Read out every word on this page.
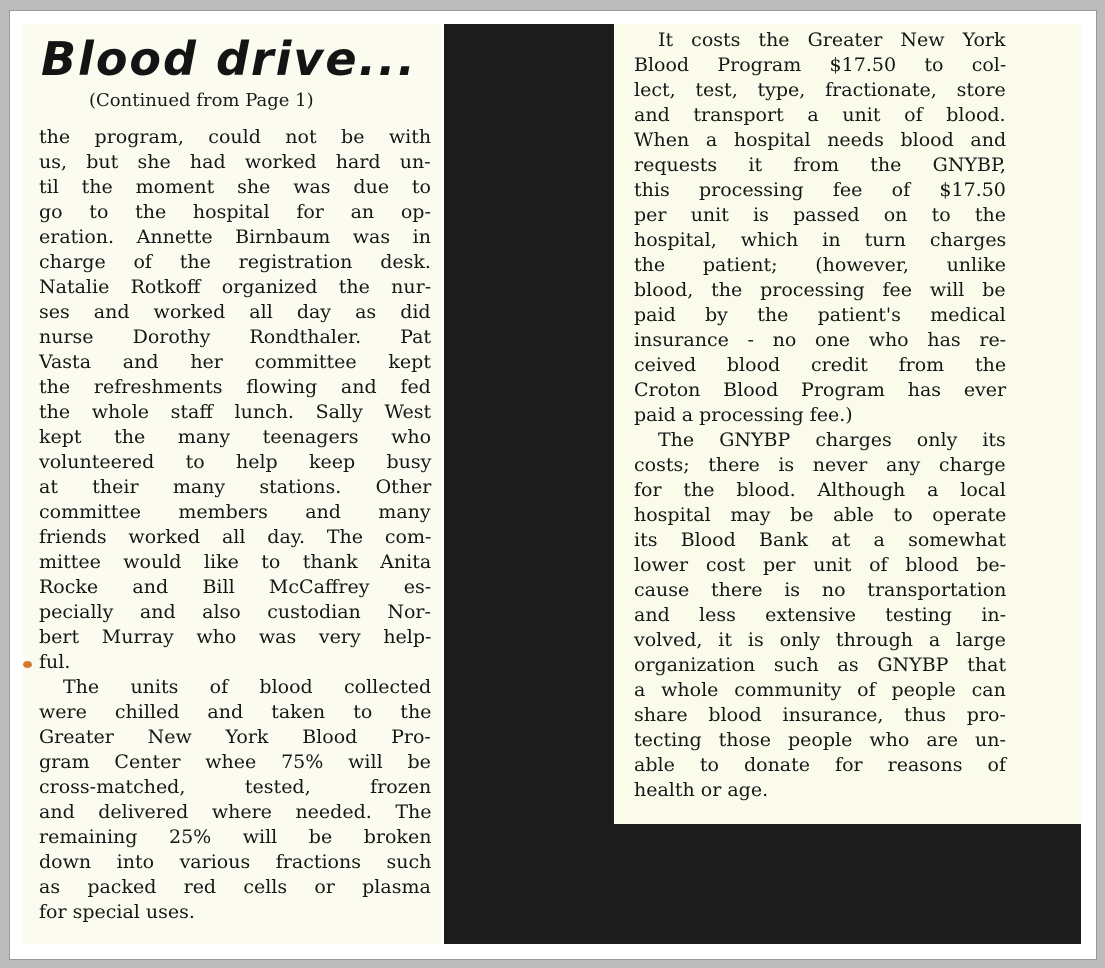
Blood drive...
(Continued from Page 1)
the program, could not be with
us, but she had worked hard un-
til the moment she was due to
go to the hospital for an op-
eration. Annette Birnbaum was in
charge of the registration desk.
Natalie Rotkoff organized the nur-
ses and worked all day as did
nurse Dorothy Rondthaler. Pat
Vasta and her committee kept
the refreshments flowing and fed
the whole staff lunch. Sally West
kept the many teenagers who
volunteered to help keep busy
at their many stations. Other
committee members and many
friends worked all day. The com-
mittee would like to thank Anita
Rocke and Bill McCaffrey es-
pecially and also custodian Nor-
bert Murray who was very help-
ful.
The units of blood collected
were chilled and taken to the
Greater New York Blood Pro-
gram Center whee 75% will be
cross-matched, tested, frozen
and delivered where needed. The
remaining 25% will be broken
down into various fractions such
as packed red cells or plasma
for special uses.
It costs the Greater New York
Blood Program $17.50 to col-
lect, test, type, fractionate, store
and transport a unit of blood.
When a hospital needs blood and
requests it from the GNYBP,
this processing fee of $17.50
per unit is passed on to the
hospital, which in turn charges
the patient; (however, unlike
blood, the processing fee will be
paid by the patient's medical
insurance - no one who has re-
ceived blood credit from the
Croton Blood Program has ever
paid a processing fee.)
The GNYBP charges only its
costs; there is never any charge
for the blood. Although a local
hospital may be able to operate
its Blood Bank at a somewhat
lower cost per unit of blood be-
cause there is no transportation
and less extensive testing in-
volved, it is only through a large
organization such as GNYBP that
a whole community of people can
share blood insurance, thus pro-
tecting those people who are un-
able to donate for reasons of
health or age.
